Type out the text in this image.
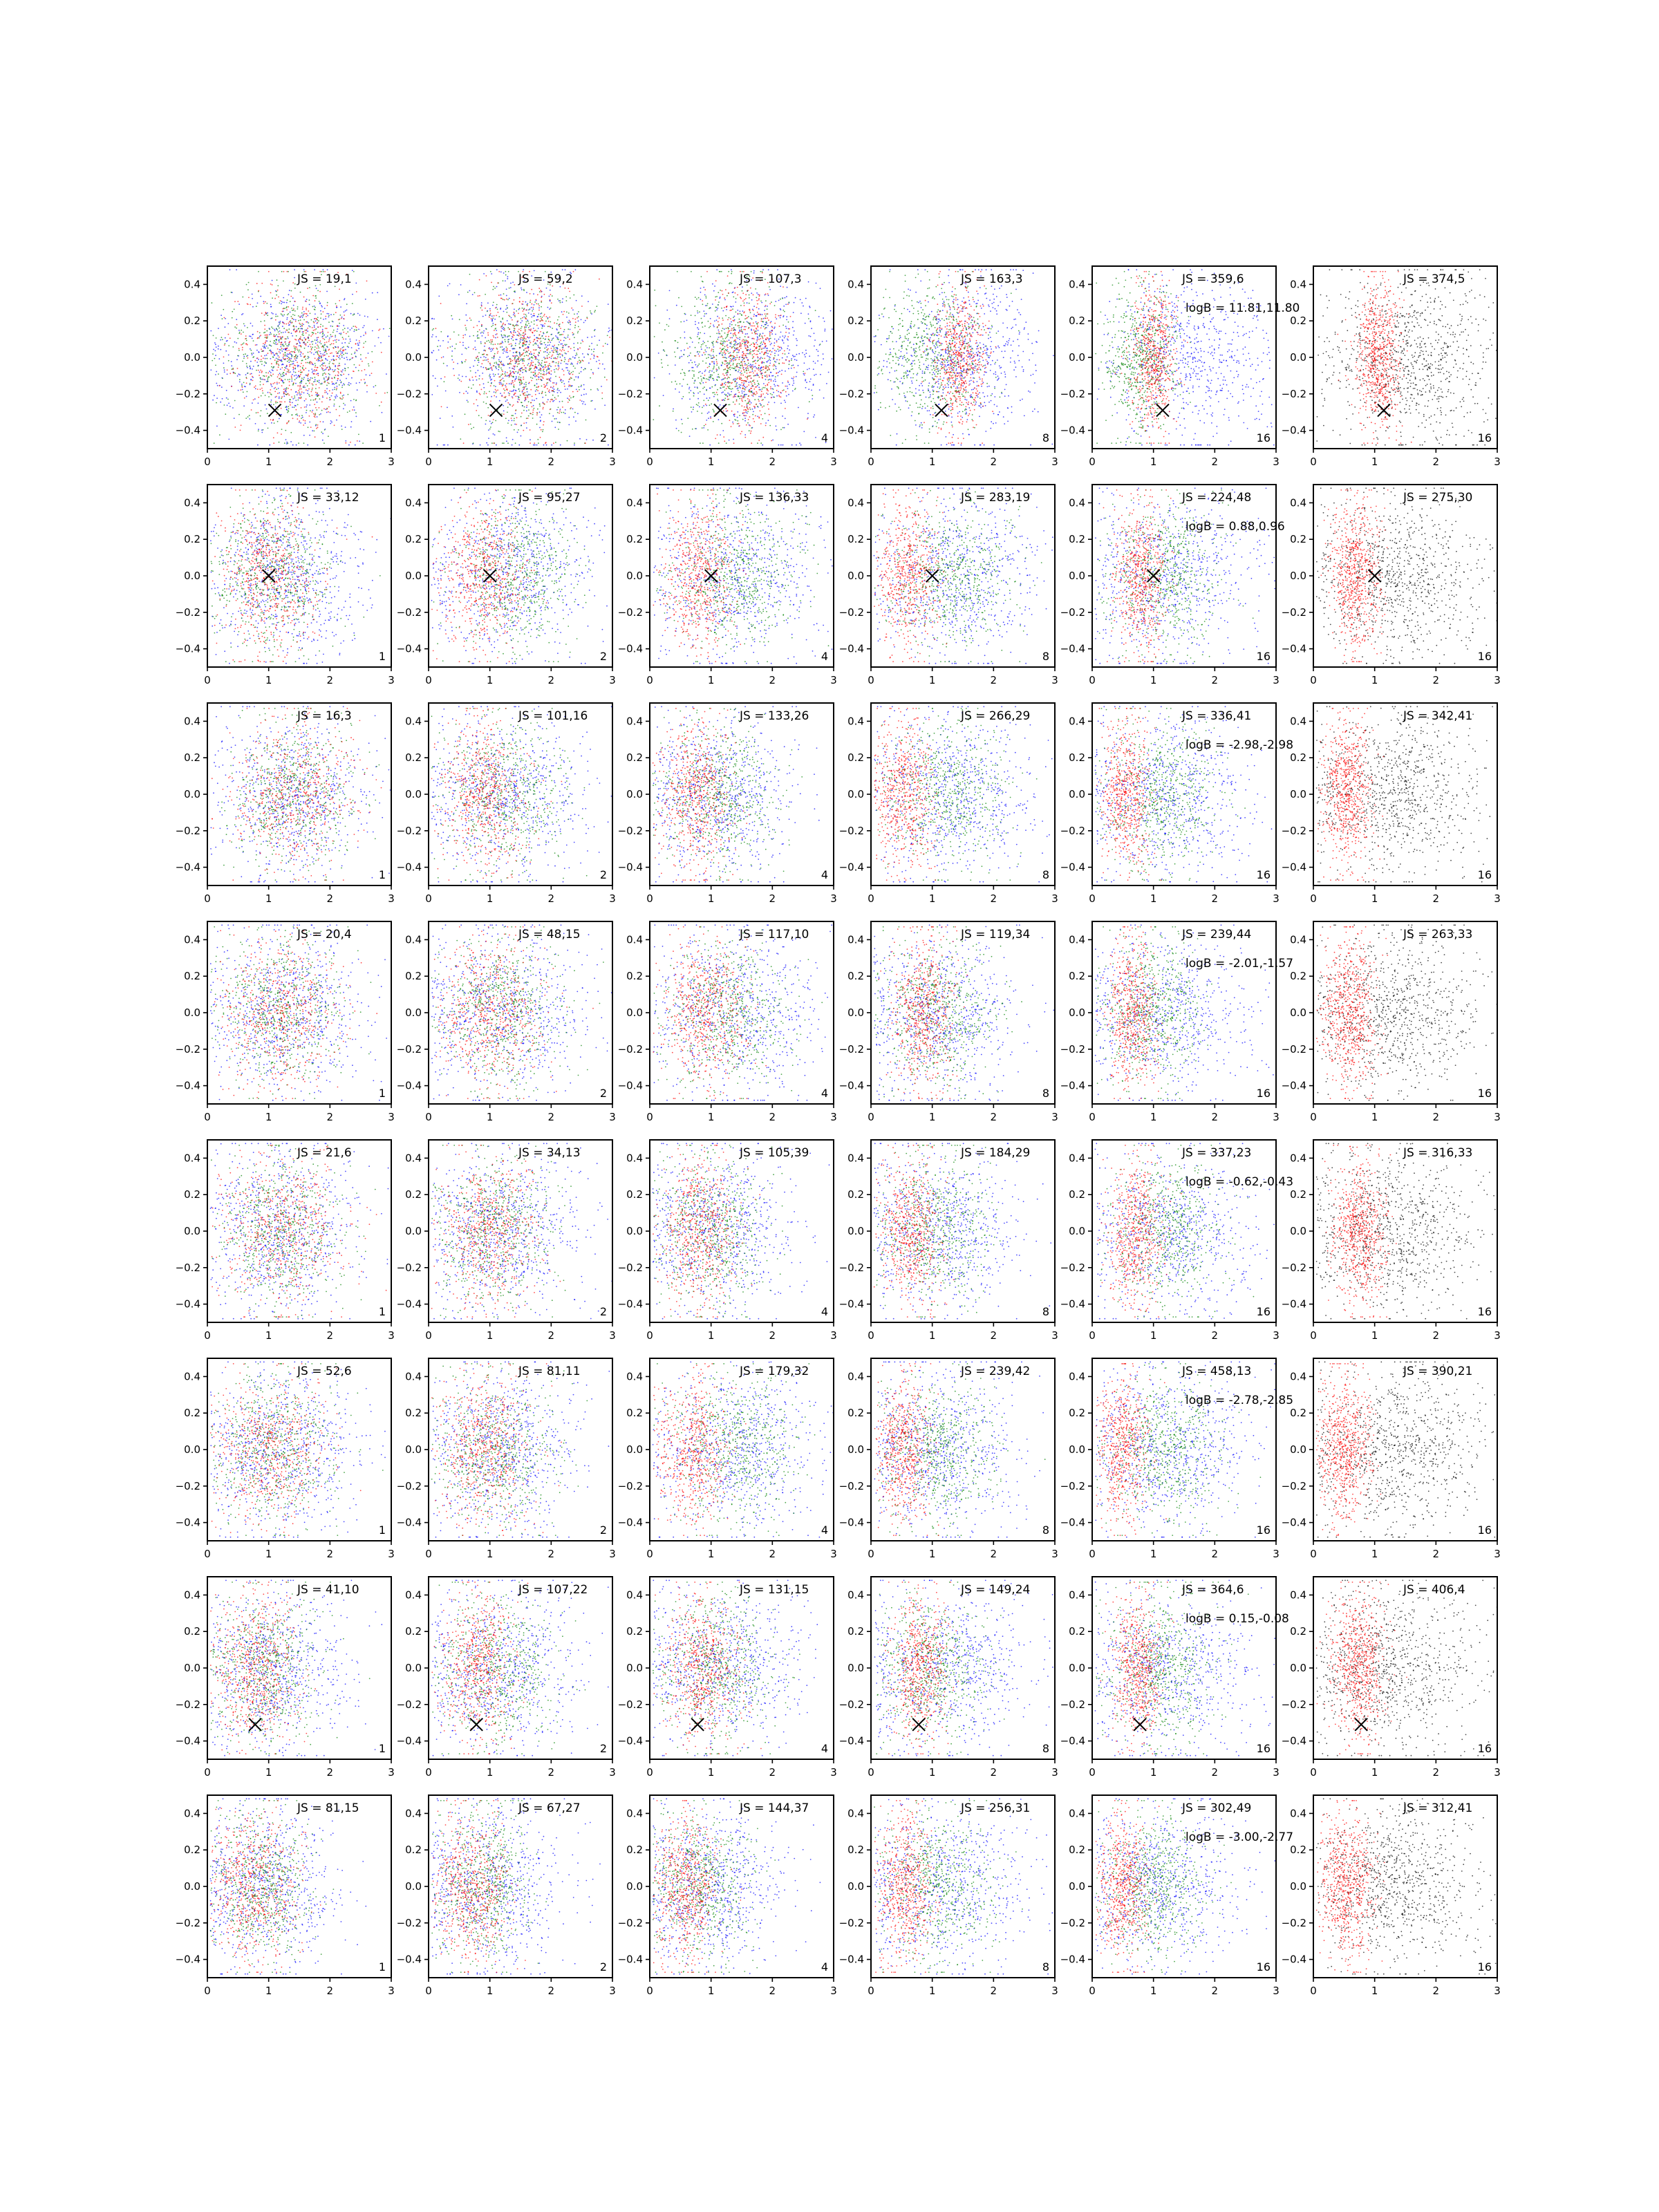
−0.4
−0.2
0.0
0.2
0.4
0	1	2	3
JS = 19,1
1
−0.4
−0.2
0.0
0.2
0.4
0	1	2	3
JS = 59,2
2
−0.4
−0.2
0.0
0.2
0.4
0	1	2	3
JS = 107,3
4
−0.4
−0.2
0.0
0.2
0.4
0	1	2	3
JS = 163,3
8
−0.4
−0.2
0.0
0.2
0.4
0	1	2	3
JS = 359,6
logB = 11.81,11.80
16
−0.4
−0.2
0.0
0.2
0.4
0	1	2	3
JS = 374,5
16
−0.4
−0.2
0.0
0.2
0.4
0	1	2	3
JS = 33,12
1
−0.4
−0.2
0.0
0.2
0.4
0	1	2	3
JS = 95,27
2
−0.4
−0.2
0.0
0.2
0.4
0	1	2	3
JS = 136,33
4
−0.4
−0.2
0.0
0.2
0.4
0	1	2	3
JS = 283,19
8
−0.4
−0.2
0.0
0.2
0.4
0	1	2	3
JS = 224,48
logB = 0.88,0.96
16
−0.4
−0.2
0.0
0.2
0.4
0	1	2	3
JS = 275,30
16
−0.4
−0.2
0.0
0.2
0.4
0	1	2	3
JS = 16,3
1
−0.4
−0.2
0.0
0.2
0.4
0	1	2	3
JS = 101,16
2
−0.4
−0.2
0.0
0.2
0.4
0	1	2	3
JS = 133,26
4
−0.4
−0.2
0.0
0.2
0.4
0	1	2	3
JS = 266,29
8
−0.4
−0.2
0.0
0.2
0.4
0	1	2	3
JS = 336,41
logB = -2.98,-2.98
16
−0.4
−0.2
0.0
0.2
0.4
0	1	2	3
JS = 342,41
16
−0.4
−0.2
0.0
0.2
0.4
0	1	2	3
JS = 20,4
1
−0.4
−0.2
0.0
0.2
0.4
0	1	2	3
JS = 48,15
2
−0.4
−0.2
0.0
0.2
0.4
0	1	2	3
JS = 117,10
4
−0.4
−0.2
0.0
0.2
0.4
0	1	2	3
JS = 119,34
8
−0.4
−0.2
0.0
0.2
0.4
0	1	2	3
JS = 239,44
logB = -2.01,-1.57
16
−0.4
−0.2
0.0
0.2
0.4
0	1	2	3
JS = 263,33
16
−0.4
−0.2
0.0
0.2
0.4
0	1	2	3
JS = 21,6
1
−0.4
−0.2
0.0
0.2
0.4
0	1	2	3
JS = 34,13
2
−0.4
−0.2
0.0
0.2
0.4
0	1	2	3
JS = 105,39
4
−0.4
−0.2
0.0
0.2
0.4
0	1	2	3
JS = 184,29
8
−0.4
−0.2
0.0
0.2
0.4
0	1	2	3
JS = 337,23
logB = -0.62,-0.43
16
−0.4
−0.2
0.0
0.2
0.4
0	1	2	3
JS = 316,33
16
−0.4
−0.2
0.0
0.2
0.4
0	1	2	3
JS = 52,6
1
−0.4
−0.2
0.0
0.2
0.4
0	1	2	3
JS = 81,11
2
−0.4
−0.2
0.0
0.2
0.4
0	1	2	3
JS = 179,32
4
−0.4
−0.2
0.0
0.2
0.4
0	1	2	3
JS = 239,42
8
−0.4
−0.2
0.0
0.2
0.4
0	1	2	3
JS = 458,13
logB = -2.78,-2.85
16
−0.4
−0.2
0.0
0.2
0.4
0	1	2	3
JS = 390,21
16
−0.4
−0.2
0.0
0.2
0.4
0	1	2	3
JS = 41,10
1
−0.4
−0.2
0.0
0.2
0.4
0	1	2	3
JS = 107,22
2
−0.4
−0.2
0.0
0.2
0.4
0	1	2	3
JS = 131,15
4
−0.4
−0.2
0.0
0.2
0.4
0	1	2	3
JS = 149,24
8
−0.4
−0.2
0.0
0.2
0.4
0	1	2	3
JS = 364,6
logB = 0.15,-0.08
16
−0.4
−0.2
0.0
0.2
0.4
0	1	2	3
JS = 406,4
16
−0.4
−0.2
0.0
0.2
0.4
0	1	2	3
JS = 81,15
1
−0.4
−0.2
0.0
0.2
0.4
0	1	2	3
JS = 67,27
2
−0.4
−0.2
0.0
0.2
0.4
0	1	2	3
JS = 144,37
4
−0.4
−0.2
0.0
0.2
0.4
0	1	2	3
JS = 256,31
8
−0.4
−0.2
0.0
0.2
0.4
0	1	2	3
JS = 302,49
logB = -3.00,-2.77
16
−0.4
−0.2
0.0
0.2
0.4
0	1	2	3
JS = 312,41
16
